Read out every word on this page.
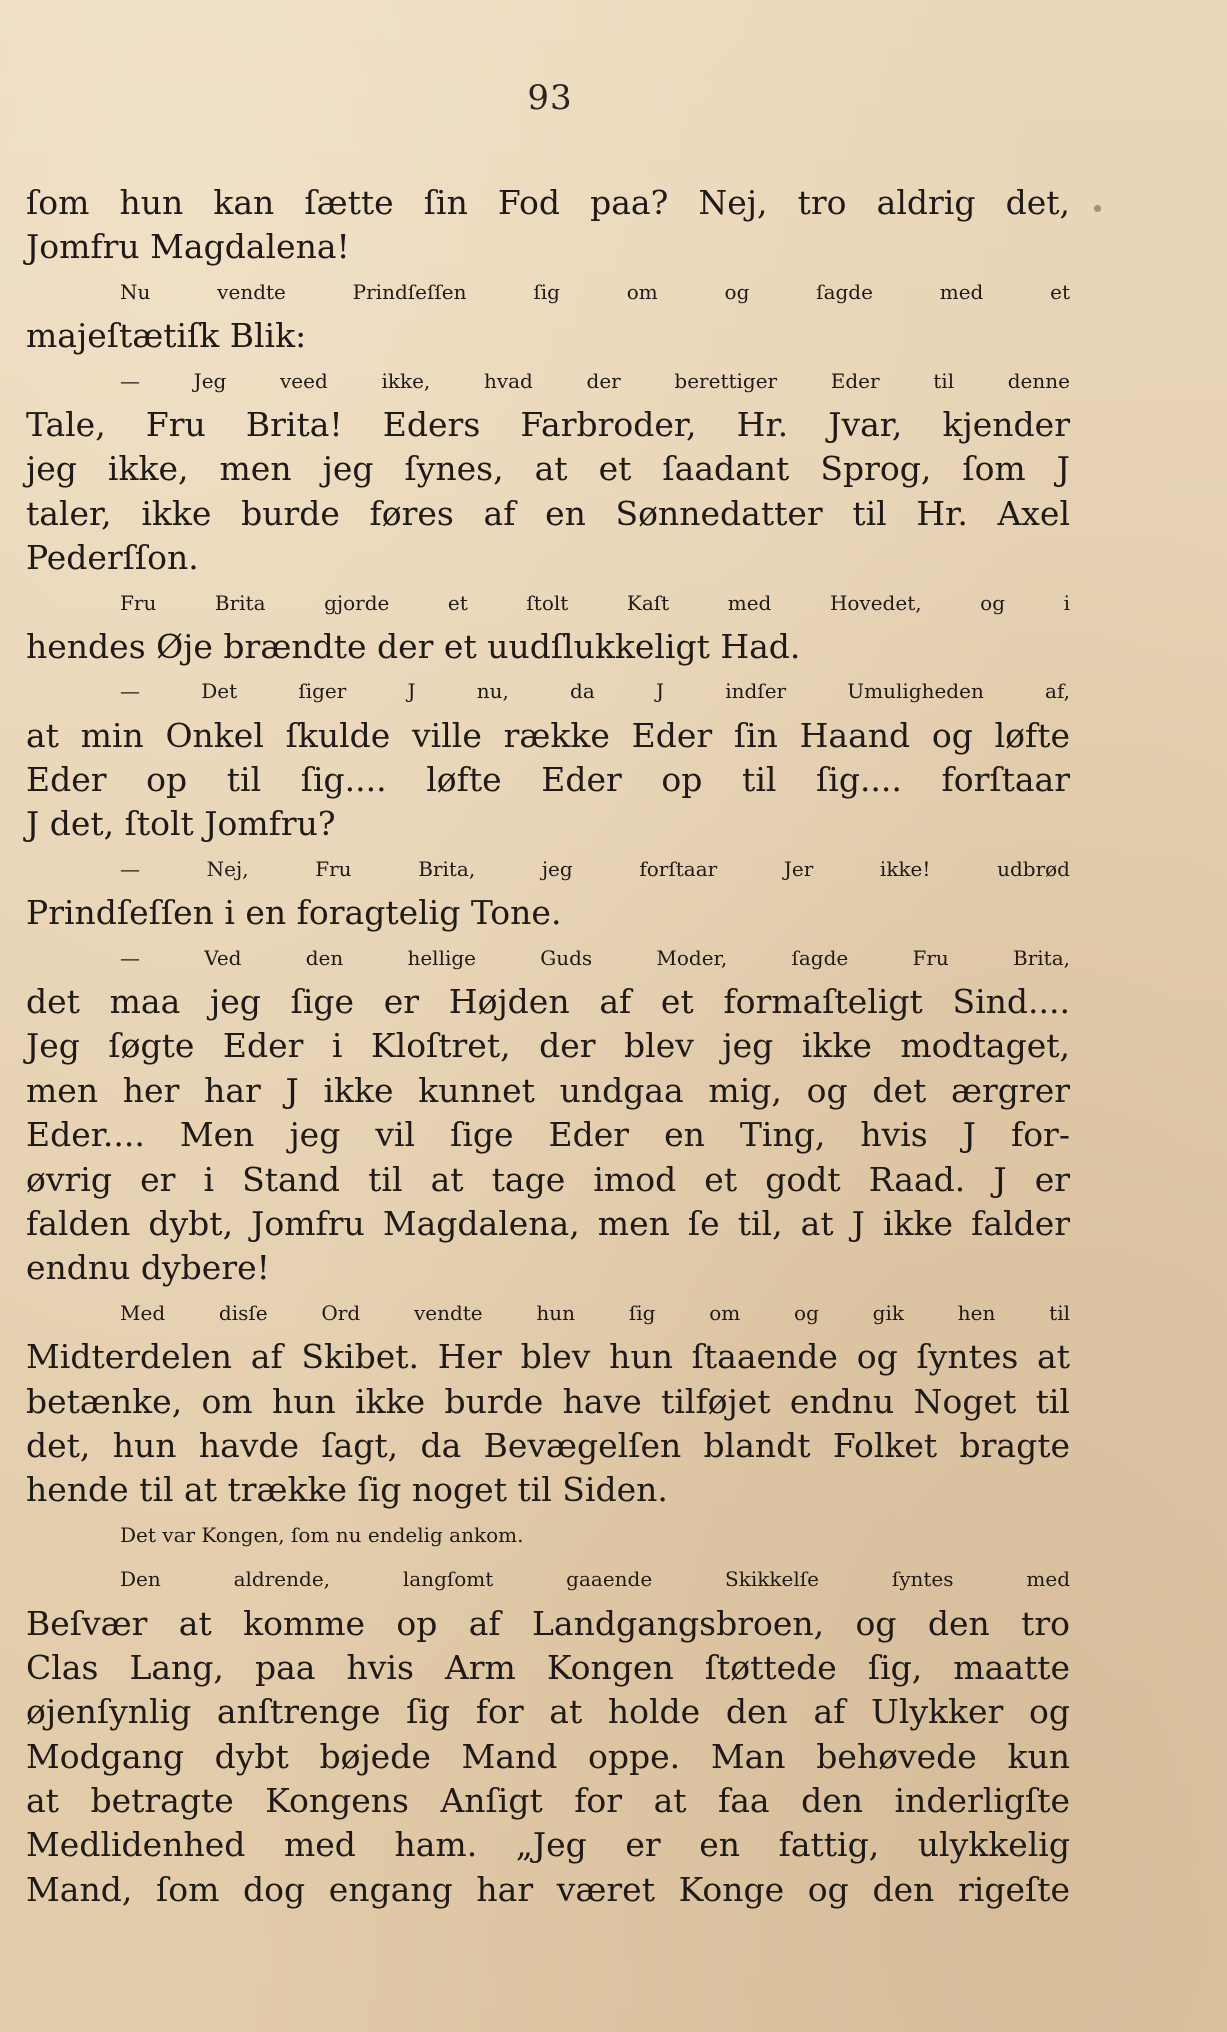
93
ſom hun kan ſætte ſin Fod paa? Nej, tro aldrig det,
Jomfru Magdalena!
Nu vendte Prindſeſſen ſig om og ſagde med et
majeſtætiſk Blik:
— Jeg veed ikke, hvad der berettiger Eder til denne
Tale, Fru Brita! Eders Farbroder, Hr. Jvar, kjender
jeg ikke, men jeg ſynes, at et ſaadant Sprog, ſom J
taler, ikke burde føres af en Sønnedatter til Hr. Axel
Pederſſon.
Fru Brita gjorde et ſtolt Kaſt med Hovedet, og i
hendes Øje brændte der et uudſlukkeligt Had.
— Det ſiger J nu, da J indſer Umuligheden af,
at min Onkel ſkulde ville række Eder ſin Haand og løfte
Eder op til ſig.... løfte Eder op til ſig.... forſtaar
J det, ſtolt Jomfru?
— Nej, Fru Brita, jeg forſtaar Jer ikke! udbrød
Prindſeſſen i en foragtelig Tone.
— Ved den hellige Guds Moder, ſagde Fru Brita,
det maa jeg ſige er Højden af et formaſteligt Sind....
Jeg ſøgte Eder i Kloſtret, der blev jeg ikke modtaget,
men her har J ikke kunnet undgaa mig, og det ærgrer
Eder.... Men jeg vil ſige Eder en Ting, hvis J for-
øvrig er i Stand til at tage imod et godt Raad. J er
falden dybt, Jomfru Magdalena, men ſe til, at J ikke falder
endnu dybere!
Med disſe Ord vendte hun ſig om og gik hen til
Midterdelen af Skibet. Her blev hun ſtaaende og ſyntes at
betænke, om hun ikke burde have tilføjet endnu Noget til
det, hun havde ſagt, da Bevægelſen blandt Folket bragte
hende til at trække ſig noget til Siden.
Det var Kongen, ſom nu endelig ankom.
Den aldrende, langſomt gaaende Skikkelſe ſyntes med
Beſvær at komme op af Landgangsbroen, og den tro
Clas Lang, paa hvis Arm Kongen ſtøttede ſig, maatte
øjenſynlig anſtrenge ſig for at holde den af Ulykker og
Modgang dybt bøjede Mand oppe. Man behøvede kun
at betragte Kongens Anſigt for at faa den inderligſte
Medlidenhed med ham. „Jeg er en fattig, ulykkelig
Mand, ſom dog engang har været Konge og den rigeſte
